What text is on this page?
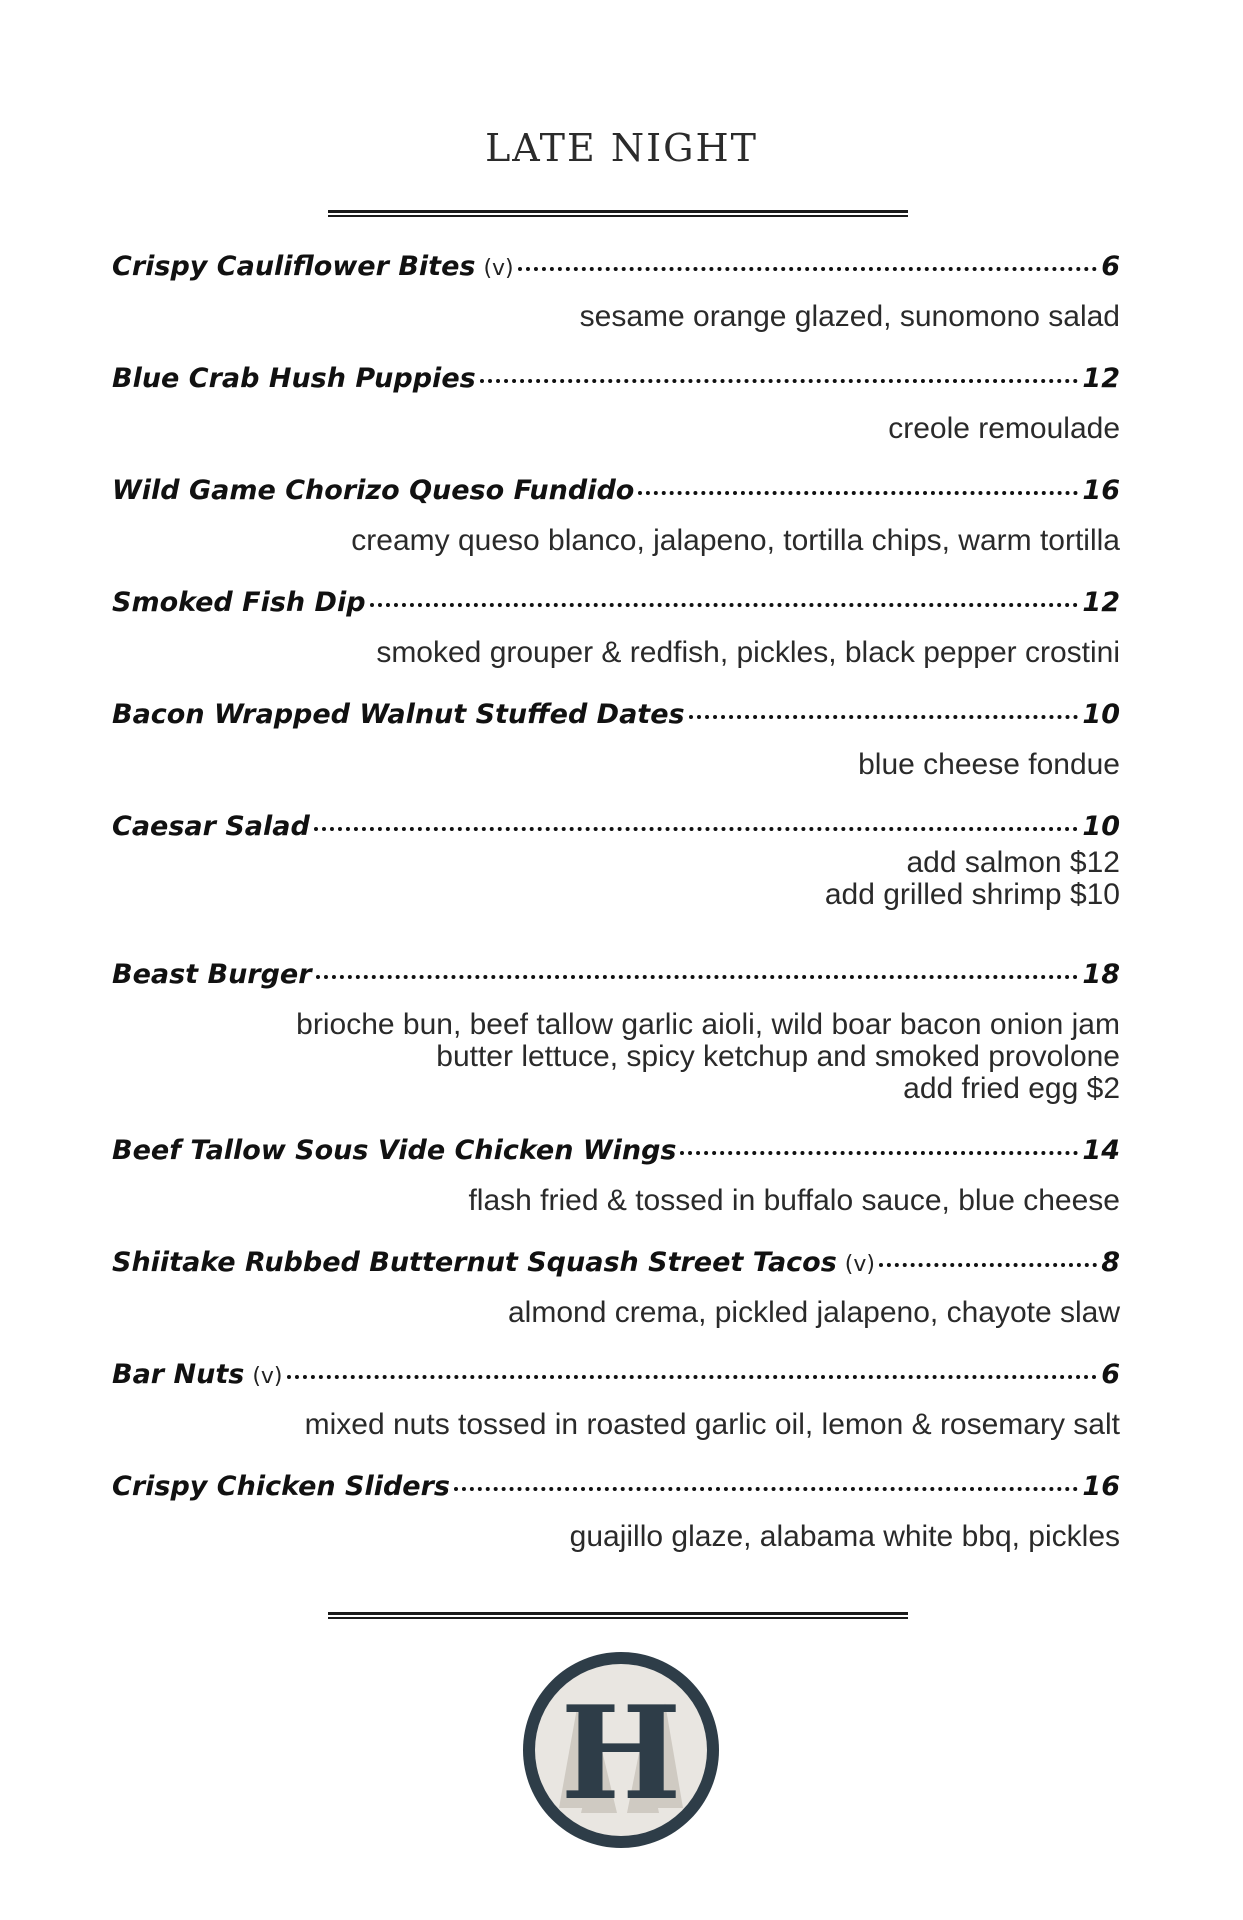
LATE NIGHT
Crispy Cauliflower Bites (v)	6
sesame orange glazed, sunomono salad
Blue Crab Hush Puppies	12
creole remoulade
Wild Game Chorizo Queso Fundido	16
creamy queso blanco, jalapeno, tortilla chips, warm tortilla
Smoked Fish Dip	12
smoked grouper & redfish, pickles, black pepper crostini
Bacon Wrapped Walnut Stuffed Dates	10
blue cheese fondue
Caesar Salad	10
add salmon $12
add grilled shrimp $10
Beast Burger	18
brioche bun, beef tallow garlic aioli, wild boar bacon onion jam
butter lettuce, spicy ketchup and smoked provolone
add fried egg $2
Beef Tallow Sous Vide Chicken Wings	14
flash fried & tossed in buffalo sauce, blue cheese
Shiitake Rubbed Butternut Squash Street Tacos (v)	8
almond crema, pickled jalapeno, chayote slaw
Bar Nuts (v)	6
mixed nuts tossed in roasted garlic oil, lemon & rosemary salt
Crispy Chicken Sliders	16
guajillo glaze, alabama white bbq, pickles
H
